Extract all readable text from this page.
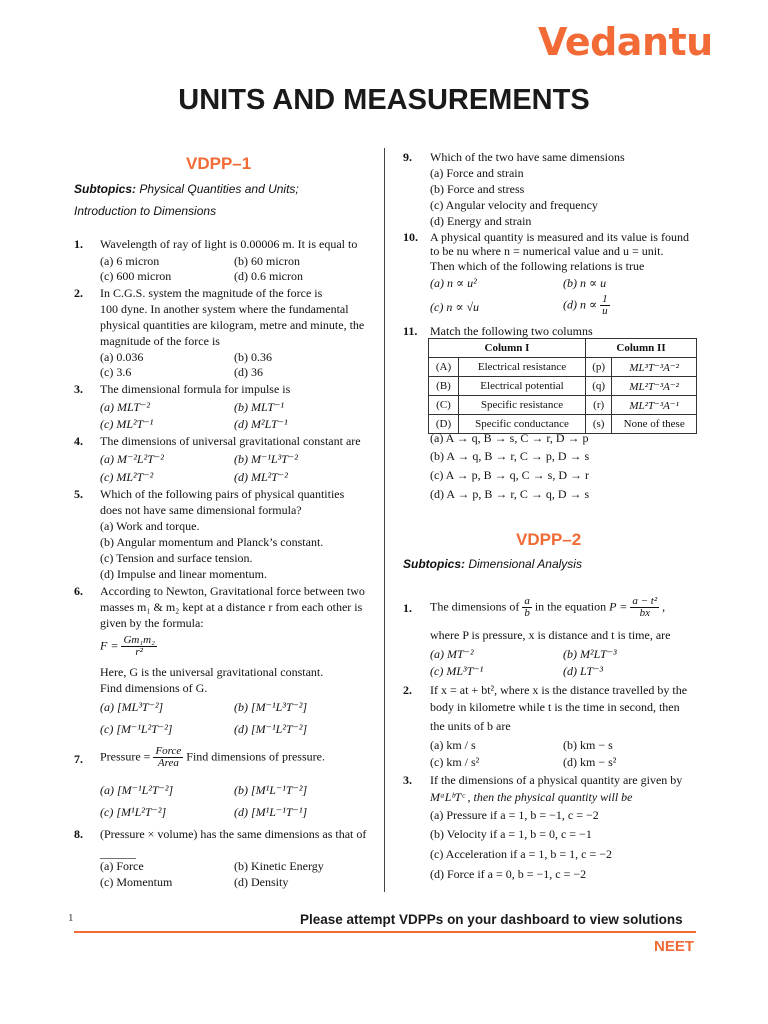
Vedantu
UNITS AND MEASUREMENTS
VDPP–1
Subtopics: Physical Quantities and Units;
Introduction to Dimensions
1. Wavelength of ray of light is 0.00006 m. It is equal to
(a) 6 micron	(b) 60 micron
(c) 600 micron	(d) 0.6 micron
2. In C.G.S. system the magnitude of the force is
100 dyne. In another system where the fundamental
physical quantities are kilogram, metre and minute, the
magnitude of the force is
(a) 0.036	(b) 0.36
(c) 3.6	(d) 36
3. The dimensional formula for impulse is
(a) MLT⁻²	(b) MLT⁻¹
(c) ML²T⁻¹	(d) M²LT⁻¹
4. The dimensions of universal gravitational constant are
(a) M⁻²L²T⁻²	(b) M⁻¹L³T⁻²
(c) ML²T⁻²	(d) ML²T⁻²
5. Which of the following pairs of physical quantities
does not have same dimensional formula?
(a) Work and torque.
(b) Angular momentum and Planck’s constant.
(c) Tension and surface tension.
(d) Impulse and linear momentum.
6. According to Newton, Gravitational force between two
masses m₁ & m₂ kept at a distance r from each other is
given by the formula:
$F = \frac{\text{Gm₁m₂}}{\text{r²}}$
Here, G is the universal gravitational constant.
Find dimensions of G.
(a) [ML³T⁻²]	(b) [M⁻¹L³T⁻²]
(c) [M⁻¹L²T⁻²]	(d) [M⁻¹L²T⁻²]
7. Pressure = $\frac{\text{Force}}{\text{Area}}$ Find dimensions of pressure.
(a) [M⁻¹L²T⁻²]	(b) [M¹L⁻¹T⁻²]
(c) [M¹L²T⁻²]	(d) [M¹L⁻¹T⁻¹]
8. (Pressure × volume) has the same dimensions as that of
______
(a) Force	(b) Kinetic Energy
(c) Momentum	(d) Density
9. Which of the two have same dimensions
(a) Force and strain
(b) Force and stress
(c) Angular velocity and frequency
(d) Energy and strain
10. A physical quantity is measured and its value is found
to be nu where n = numerical value and u = unit.
Then which of the following relations is true
(a) n ∝ u²	(b) n ∝ u
(c) n ∝ √u	(d) $n \propto \frac{1}{u}$
11. Match the following two columns
Column I		Column II	
(A)	Electrical resistance	(p)	ML³T⁻³A⁻²
(B)	Electrical potential	(q)	ML²T⁻³A⁻²
(C)	Specific resistance	(r)	ML²T⁻³A⁻¹
(D)	Specific conductance	(s)	None of these
(a) A → q, B → s, C → r, D → p
(b) A → q, B → r, C → p, D → s
(c) A → p, B → q, C → s, D → r
(d) A → p, B → r, C → q, D → s
VDPP–2
Subtopics: Dimensional Analysis
1. The dimensions of $\frac{a}{b}$ in the equation $P = \frac{\text{a − t²}}{bx}$ ,
where P is pressure, x is distance and t is time, are
(a) MT⁻²	(b) M²LT⁻³
(c) ML³T⁻¹	(d) LT⁻³
2. If x = at + bt², where x is the distance travelled by the
body in kilometre while t is the time in second, then
the units of b are
(a) km / s	(b) km − s
(c) km / s²	(d) km − s²
3. If the dimensions of a physical quantity are given by
MᵃLᵇTᶜ , then the physical quantity will be
(a) Pressure if a = 1, b = −1, c = −2
(b) Velocity if a = 1, b = 0, c = −1
(c) Acceleration if a = 1, b = 1, c = −2
(d) Force if a = 0, b = −1, c = −2
1	Please attempt VDPPs on your dashboard to view solutions
NEET
